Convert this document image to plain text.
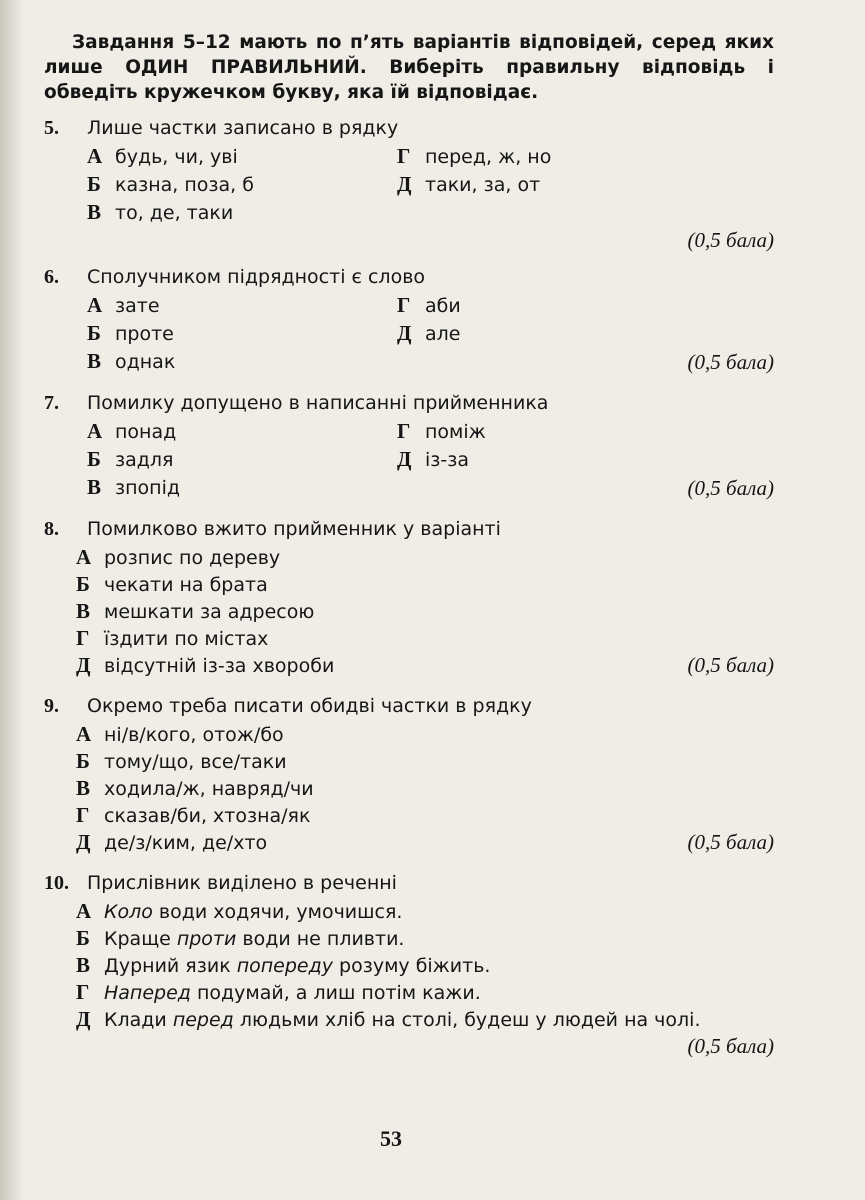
Завдання 5–12 мають по п’ять варіантів відповідей, серед яких лише ОДИН ПРАВИЛЬНИЙ. Виберіть правильну відповідь і обведіть кружечком букву, яка їй відповідає.

5.	Лише частки записано в рядку
А будь, чи, уві
Б казна, поза, б
В то, де, таки
Г перед, ж, но
Д таки, за, от
(0,5 бала)
6.	Сполучником підрядності є слово
А зате
Б проте
В однак
Г аби
Д але
(0,5 бала)
7.	Помилку допущено в написанні прийменника
А понад
Б задля
В зпопід
Г поміж
Д із-за
(0,5 бала)
8.	Помилково вжито прийменник у варіанті
А розпис по дереву
Б чекати на брата
В мешкати за адресою
Г їздити по містах
Д відсутній із-за хвороби	(0,5 бала)
9.	Окремо треба писати обидві частки в рядку
А ні/в/кого, отож/бо
Б тому/що, все/таки
В ходила/ж, навряд/чи
Г сказав/би, хтозна/як
Д де/з/ким, де/хто	(0,5 бала)
10. Прислівник виділено в реченні
А Коло води ходячи, умочишся.
Б Краще проти води не пливти.
В Дурний язик попереду розуму біжить.
Г Наперед подумай, а лиш потім кажи.
Д Клади перед людьми хліб на столі, будеш у людей на чолі.
(0,5 бала)
53
